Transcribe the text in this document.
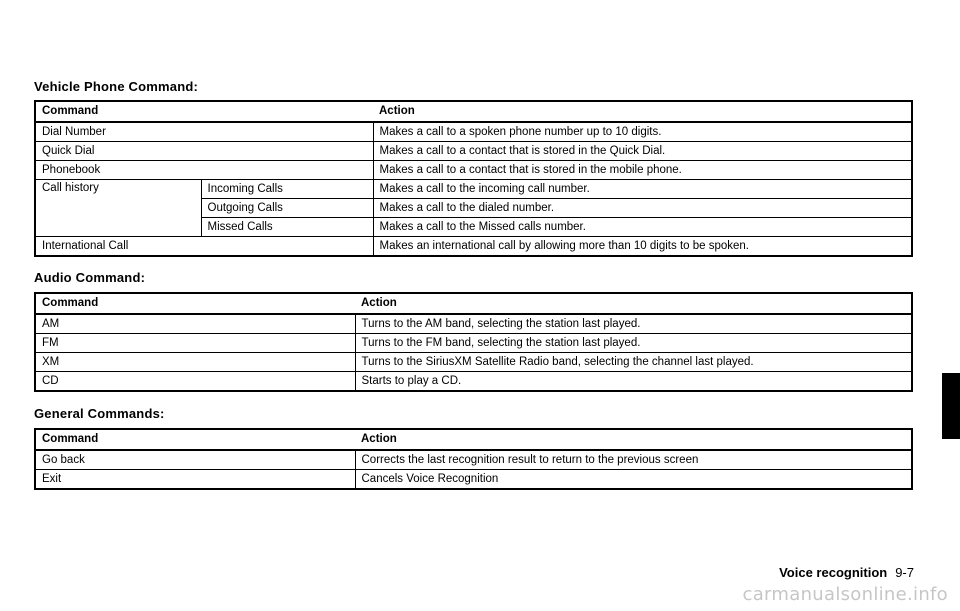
Vehicle Phone Command:
Command		Action
Dial Number		Makes a call to a spoken phone number up to 10 digits.
Quick Dial		Makes a call to a contact that is stored in the Quick Dial.
Phonebook		Makes a call to a contact that is stored in the mobile phone.
Call history	Incoming Calls	Makes a call to the incoming call number.
	Outgoing Calls	Makes a call to the dialed number.
	Missed Calls	Makes a call to the Missed calls number.
International Call		Makes an international call by allowing more than 10 digits to be spoken.
Audio Command:
Command	Action
AM	Turns to the AM band, selecting the station last played.
FM	Turns to the FM band, selecting the station last played.
XM	Turns to the SiriusXM Satellite Radio band, selecting the channel last played.
CD	Starts to play a CD.
General Commands:
Command	Action
Go back	Corrects the last recognition result to return to the previous screen
Exit	Cancels Voice Recognition
Voice recognition 9-7
carmanualsonline.info
